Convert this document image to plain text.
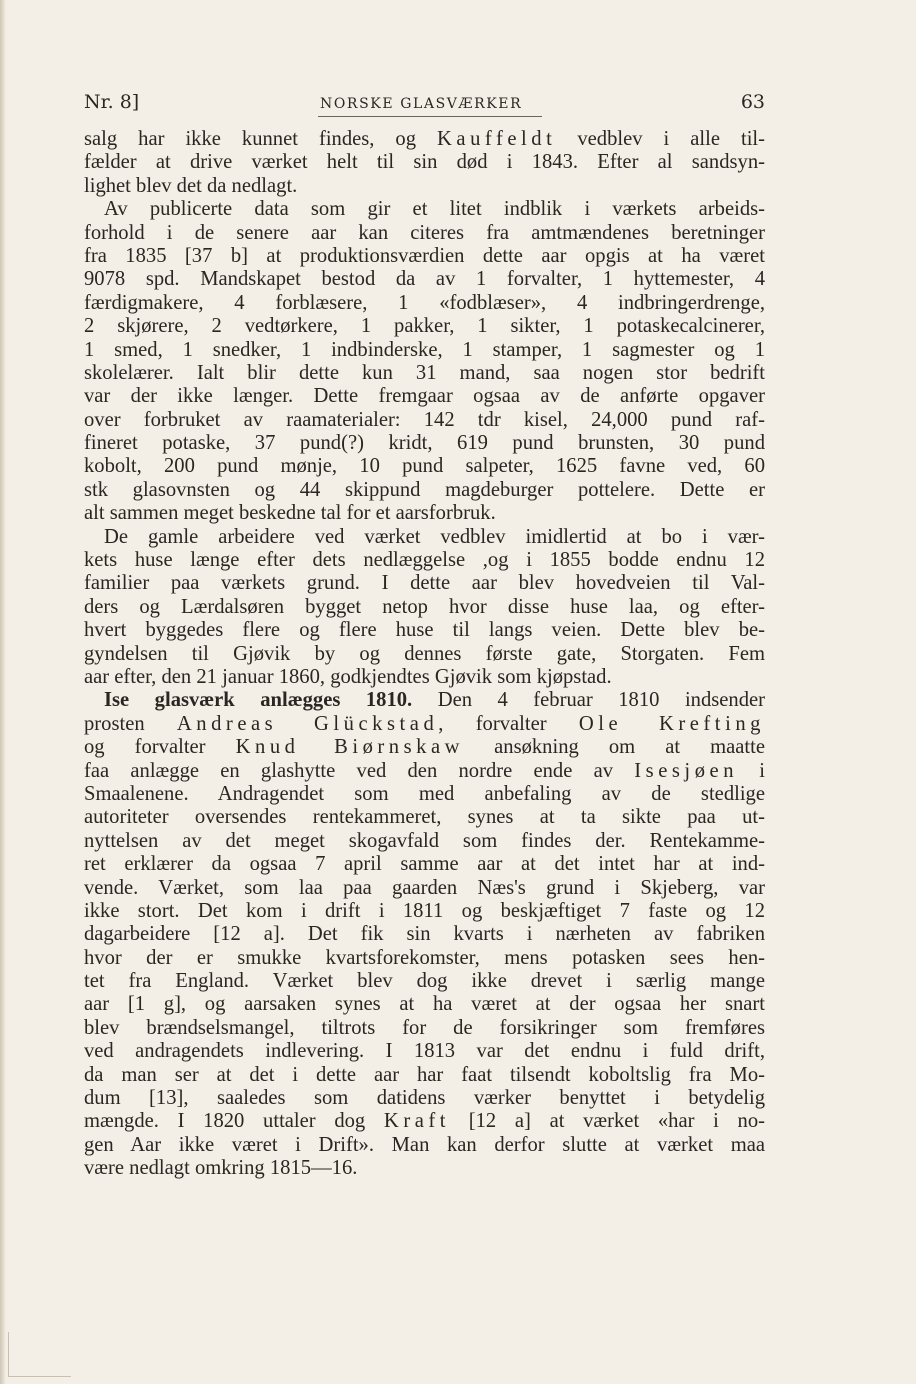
Nr. 8]	NORSKE GLASVÆRKER	63
salg har ikke kunnet findes, og Kauffeldt vedblev i alle til-
fælder at drive værket helt til sin død i 1843. Efter al sandsyn-
lighet blev det da nedlagt.
Av publicerte data som gir et litet indblik i værkets arbeids-
forhold i de senere aar kan citeres fra amtmændenes beretninger
fra 1835 [37 b] at produktionsværdien dette aar opgis at ha været
9078 spd. Mandskapet bestod da av 1 forvalter, 1 hyttemester, 4
færdigmakere, 4 forblæsere, 1 «fodblæser», 4 indbringerdrenge,
2 skjørere, 2 vedtørkere, 1 pakker, 1 sikter, 1 potaskecalcinerer,
1 smed, 1 snedker, 1 indbinderske, 1 stamper, 1 sagmester og 1
skolelærer. Ialt blir dette kun 31 mand, saa nogen stor bedrift
var der ikke længer. Dette fremgaar ogsaa av de anførte opgaver
over forbruket av raamaterialer: 142 tdr kisel, 24,000 pund raf-
fineret potaske, 37 pund(?) kridt, 619 pund brunsten, 30 pund
kobolt, 200 pund mønje, 10 pund salpeter, 1625 favne ved, 60
stk glasovnsten og 44 skippund magdeburger pottelere. Dette er
alt sammen meget beskedne tal for et aarsforbruk.
De gamle arbeidere ved værket vedblev imidlertid at bo i vær-
kets huse længe efter dets nedlæggelse ,og i 1855 bodde endnu 12
familier paa værkets grund. I dette aar blev hovedveien til Val-
ders og Lærdalsøren bygget netop hvor disse huse laa, og efter-
hvert byggedes flere og flere huse til langs veien. Dette blev be-
gyndelsen til Gjøvik by og dennes første gate, Storgaten. Fem
aar efter, den 21 januar 1860, godkjendtes Gjøvik som kjøpstad.
Ise glasværk anlægges 1810. Den 4 februar 1810 indsender
prosten Andreas Glückstad, forvalter Ole Krefting
og forvalter Knud Biørnskaw ansøkning om at maatte
faa anlægge en glashytte ved den nordre ende av Isesjøen i
Smaalenene. Andragendet som med anbefaling av de stedlige
autoriteter oversendes rentekammeret, synes at ta sikte paa ut-
nyttelsen av det meget skogavfald som findes der. Rentekamme-
ret erklærer da ogsaa 7 april samme aar at det intet har at ind-
vende. Værket, som laa paa gaarden Næs's grund i Skjeberg, var
ikke stort. Det kom i drift i 1811 og beskjæftiget 7 faste og 12
dagarbeidere [12 a]. Det fik sin kvarts i nærheten av fabriken
hvor der er smukke kvartsforekomster, mens potasken sees hen-
tet fra England. Værket blev dog ikke drevet i særlig mange
aar [1 g], og aarsaken synes at ha været at der ogsaa her snart
blev brændselsmangel, tiltrots for de forsikringer som fremføres
ved andragendets indlevering. I 1813 var det endnu i fuld drift,
da man ser at det i dette aar har faat tilsendt koboltslig fra Mo-
dum [13], saaledes som datidens værker benyttet i betydelig
mængde. I 1820 uttaler dog Kraft [12 a] at værket «har i no-
gen Aar ikke været i Drift». Man kan derfor slutte at værket maa
være nedlagt omkring 1815—16.
